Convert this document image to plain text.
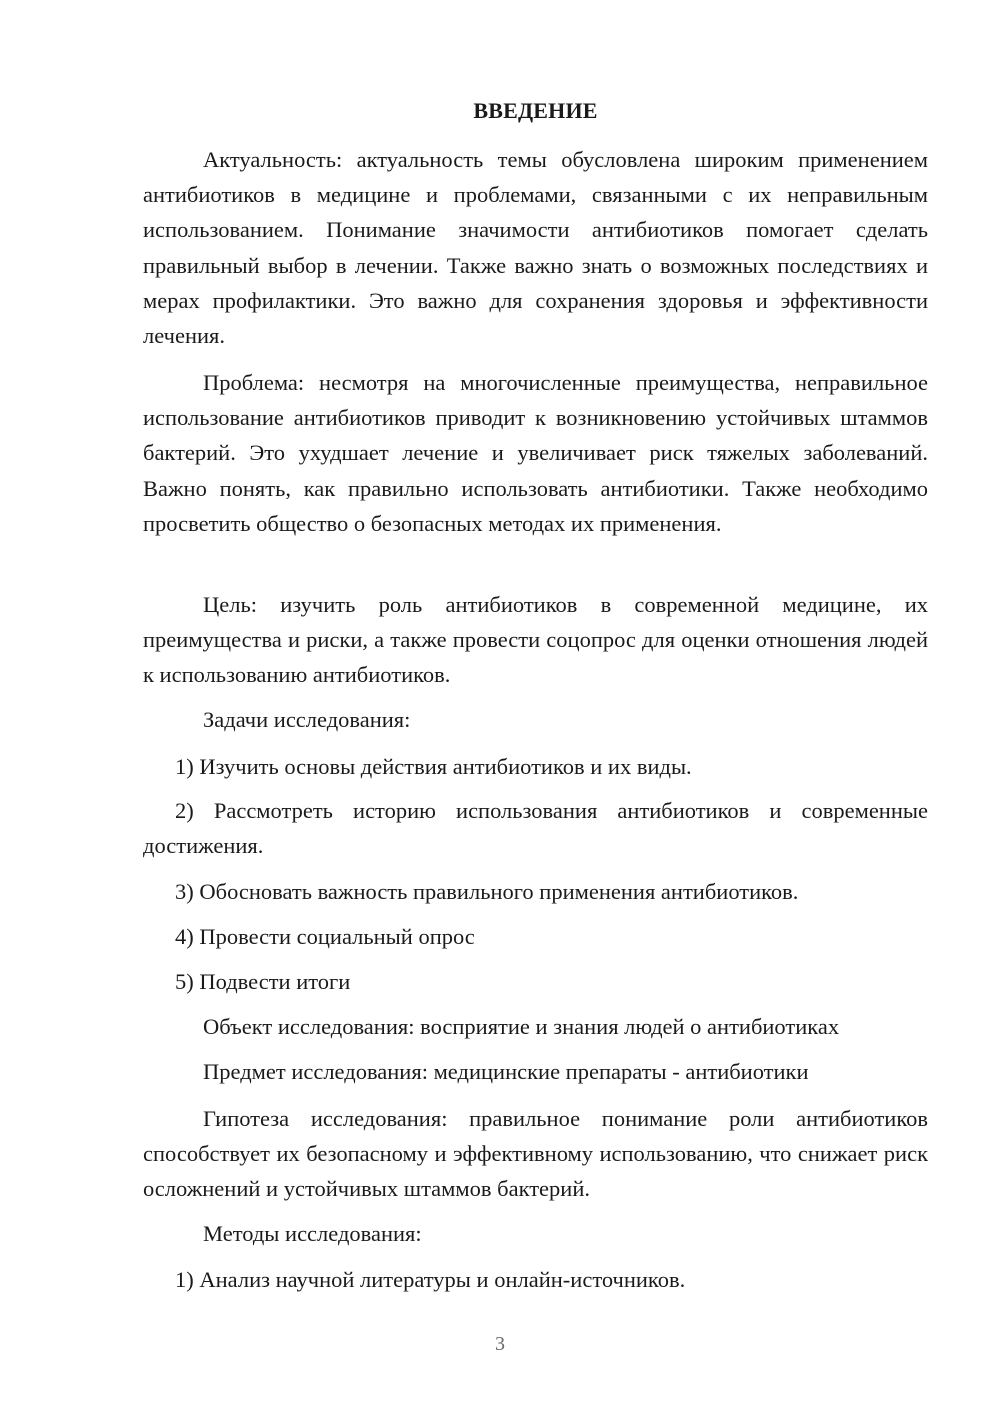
ВВЕДЕНИЕ

Актуальность: актуальность темы обусловлена широким применением антибиотиков в медицине и проблемами, связанными с их неправильным использованием. Понимание значимости антибиотиков помогает сделать правильный выбор в лечении. Также важно знать о возможных последствиях и мерах профилактики. Это важно для сохранения здоровья и эффективности лечения.

Проблема: несмотря на многочисленные преимущества, неправильное использование антибиотиков приводит к возникновению устойчивых штаммов бактерий. Это ухудшает лечение и увеличивает риск тяжелых заболеваний. Важно понять, как правильно использовать антибиотики. Также необходимо просветить общество о безопасных методах их применения.

Цель: изучить роль антибиотиков в современной медицине, их преимущества и риски, а также провести соцопрос для оценки отношения людей к использованию антибиотиков.

Задачи исследования:

1) Изучить основы действия антибиотиков и их виды.

2) Рассмотреть историю использования антибиотиков и современные достижения.

3) Обосновать важность правильного применения антибиотиков.

4) Провести социальный опрос

5) Подвести итоги

Объект исследования: восприятие и знания людей о антибиотиках

Предмет исследования: медицинские препараты - антибиотики

Гипотеза исследования: правильное понимание роли антибиотиков способствует их безопасному и эффективному использованию, что снижает риск осложнений и устойчивых штаммов бактерий.

Методы исследования:

1) Анализ научной литературы и онлайн-источников.

3
